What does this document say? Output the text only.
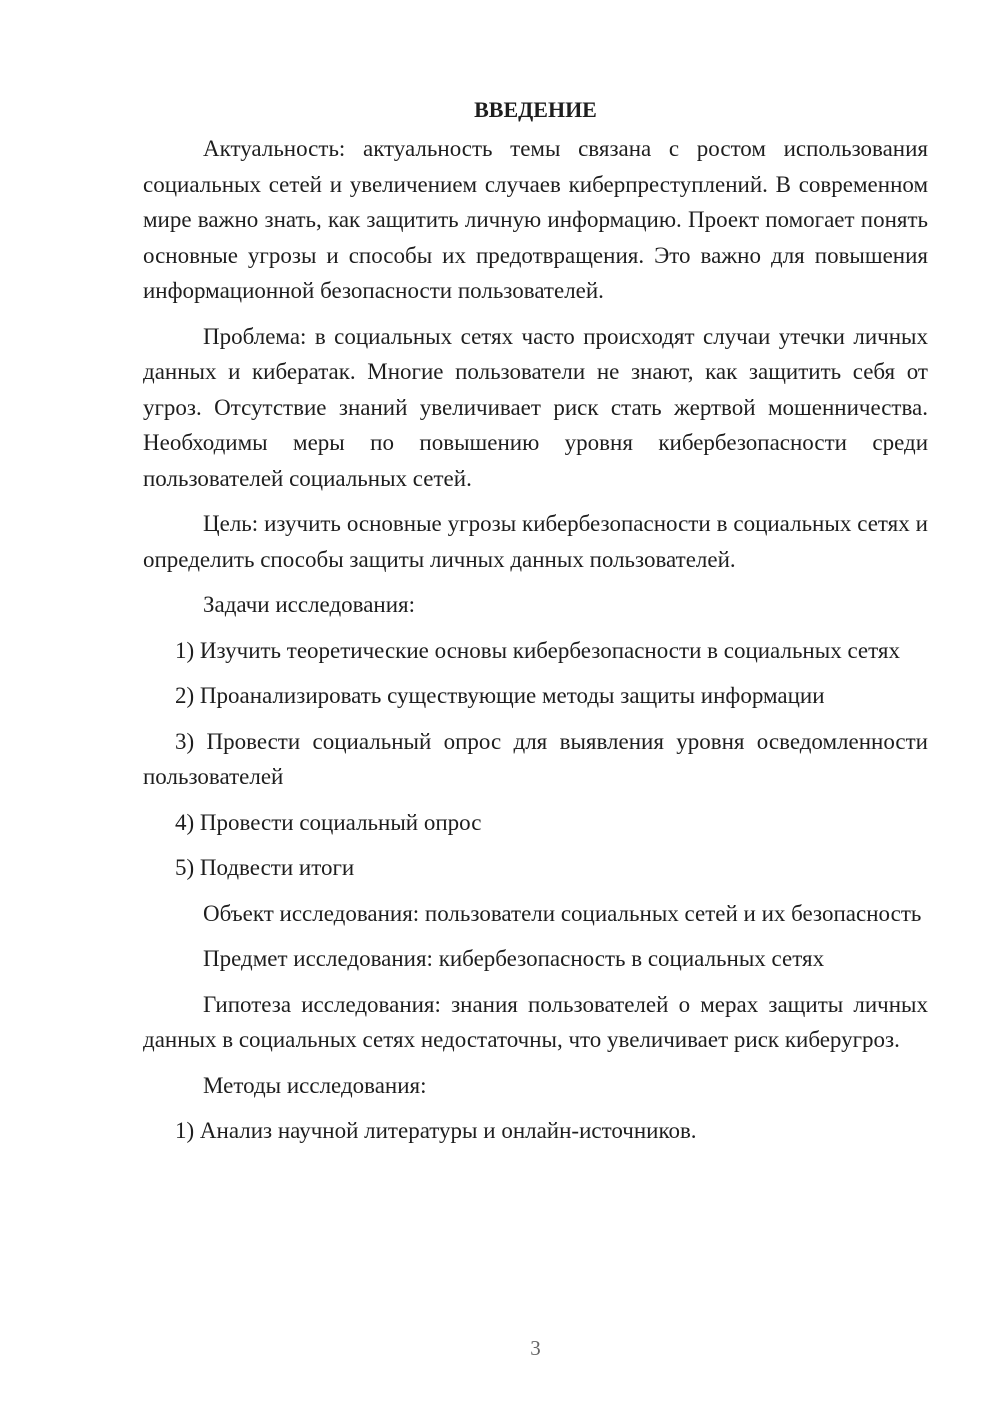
ВВЕДЕНИЕ

Актуальность: актуальность темы связана с ростом использования социальных сетей и увеличением случаев киберпреступлений. В современном мире важно знать, как защитить личную информацию. Проект помогает понять основные угрозы и способы их предотвращения. Это важно для повышения информационной безопасности пользователей.

Проблема: в социальных сетях часто происходят случаи утечки личных данных и кибератак. Многие пользователи не знают, как защитить себя от угроз. Отсутствие знаний увеличивает риск стать жертвой мошенничества. Необходимы меры по повышению уровня кибербезопасности среди пользователей социальных сетей.

Цель: изучить основные угрозы кибербезопасности в социальных сетях и определить способы защиты личных данных пользователей.

Задачи исследования:

1) Изучить теоретические основы кибербезопасности в социальных сетях

2) Проанализировать существующие методы защиты информации

3) Провести социальный опрос для выявления уровня осведомленности пользователей

4) Провести социальный опрос

5) Подвести итоги

Объект исследования: пользователи социальных сетей и их безопасность

Предмет исследования: кибербезопасность в социальных сетях

Гипотеза исследования: знания пользователей о мерах защиты личных данных в социальных сетях недостаточны, что увеличивает риск киберугроз.

Методы исследования:

1) Анализ научной литературы и онлайн-источников.

3
